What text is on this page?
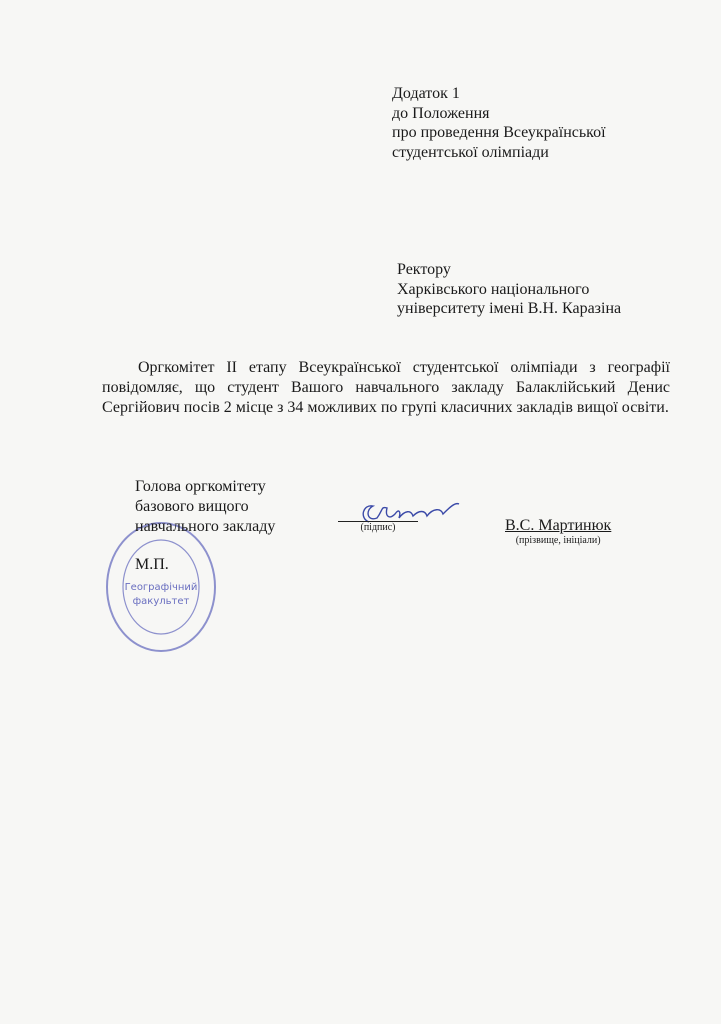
Додаток 1
до Положення
про проведення Всеукраїнської
студентської олімпіади
Ректору
Харківського національного
університету імені В.Н. Каразіна
Оргкомітет ІІ етапу Всеукраїнської студентської олімпіади з географії повідомляє, що студент Вашого навчального закладу Балаклійський Денис Сергійович посів 2 місце з 34 можливих по групі класичних закладів вищої освіти.
Географічний
факультет
Голова оргкомітету
базового вищого
навчального закладу
М.П.
(підпис)	В.С. Мартинюк
(прізвище, ініціали)
